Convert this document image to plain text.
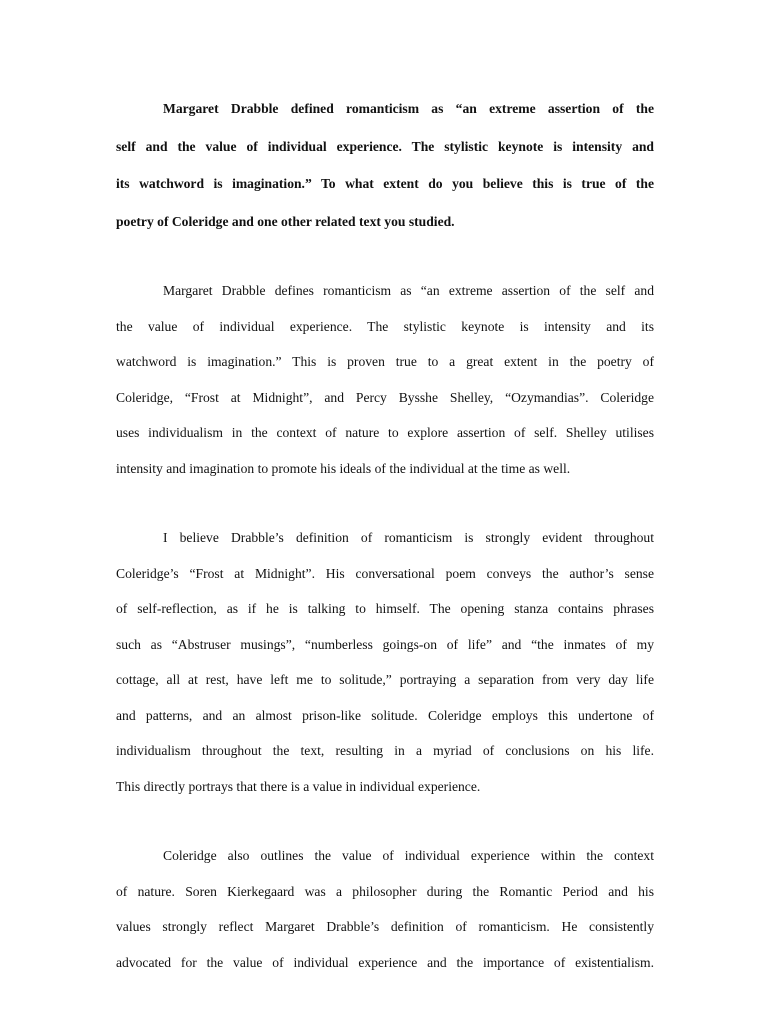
Margaret Drabble defined romanticism as “an extreme assertion of the
self and the value of individual experience. The stylistic keynote is intensity and
its watchword is imagination.” To what extent do you believe this is true of the
poetry of Coleridge and one other related text you studied.

Margaret Drabble defines romanticism as “an extreme assertion of the self and
the value of individual experience. The stylistic keynote is intensity and its
watchword is imagination.” This is proven true to a great extent in the poetry of
Coleridge, “Frost at Midnight”, and Percy Bysshe Shelley, “Ozymandias”. Coleridge
uses individualism in the context of nature to explore assertion of self. Shelley utilises
intensity and imagination to promote his ideals of the individual at the time as well.

I believe Drabble’s definition of romanticism is strongly evident throughout
Coleridge’s “Frost at Midnight”. His conversational poem conveys the author’s sense
of self-reflection, as if he is talking to himself. The opening stanza contains phrases
such as “Abstruser musings”, “numberless goings-on of life” and “the inmates of my
cottage, all at rest, have left me to solitude,” portraying a separation from very day life
and patterns, and an almost prison-like solitude. Coleridge employs this undertone of
individualism throughout the text, resulting in a myriad of conclusions on his life.
This directly portrays that there is a value in individual experience.

Coleridge also outlines the value of individual experience within the context
of nature. Soren Kierkegaard was a philosopher during the Romantic Period and his
values strongly reflect Margaret Drabble’s definition of romanticism. He consistently
advocated for the value of individual experience and the importance of existentialism.
